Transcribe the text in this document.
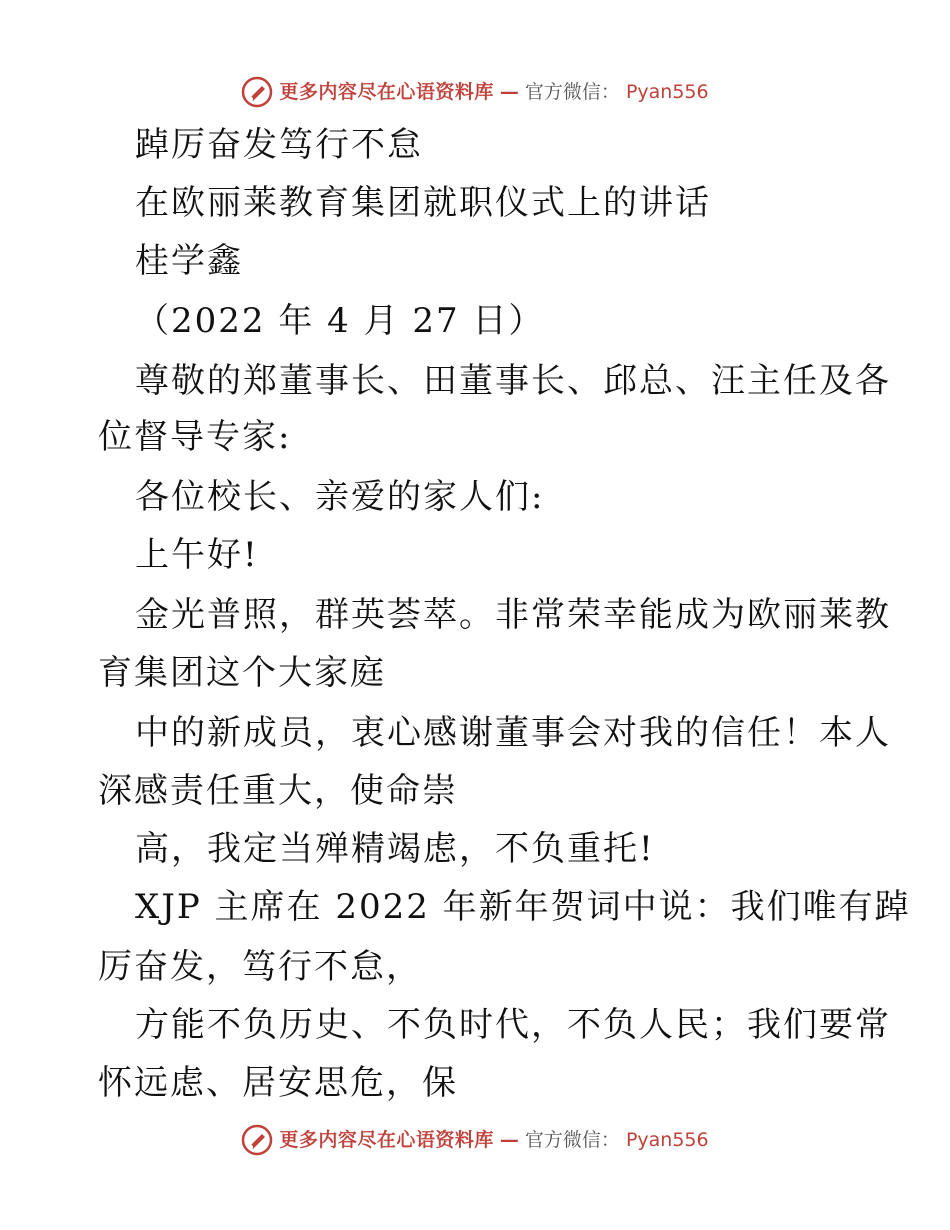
更多内容尽在心语资料库 — 官方微信： Pyan556
踔厉奋发笃行不怠
在欧丽莱教育集团就职仪式上的讲话
桂学鑫
（2022 年 4 月 27 日）
尊敬的郑董事长、田董事长、邱总、汪主任及各
位督导专家:
各位校长、亲爱的家人们:
上午好!
金光普照，群英荟萃。非常荣幸能成为欧丽莱教
育集团这个大家庭
中的新成员，衷心感谢董事会对我的信任！本人
深感责任重大，使命崇
高，我定当殚精竭虑，不负重托!
XJP 主席在 2022 年新年贺词中说：我们唯有踔
厉奋发，笃行不怠，
方能不负历史、不负时代，不负人民；我们要常
怀远虑、居安思危，保
更多内容尽在心语资料库 — 官方微信： Pyan556
